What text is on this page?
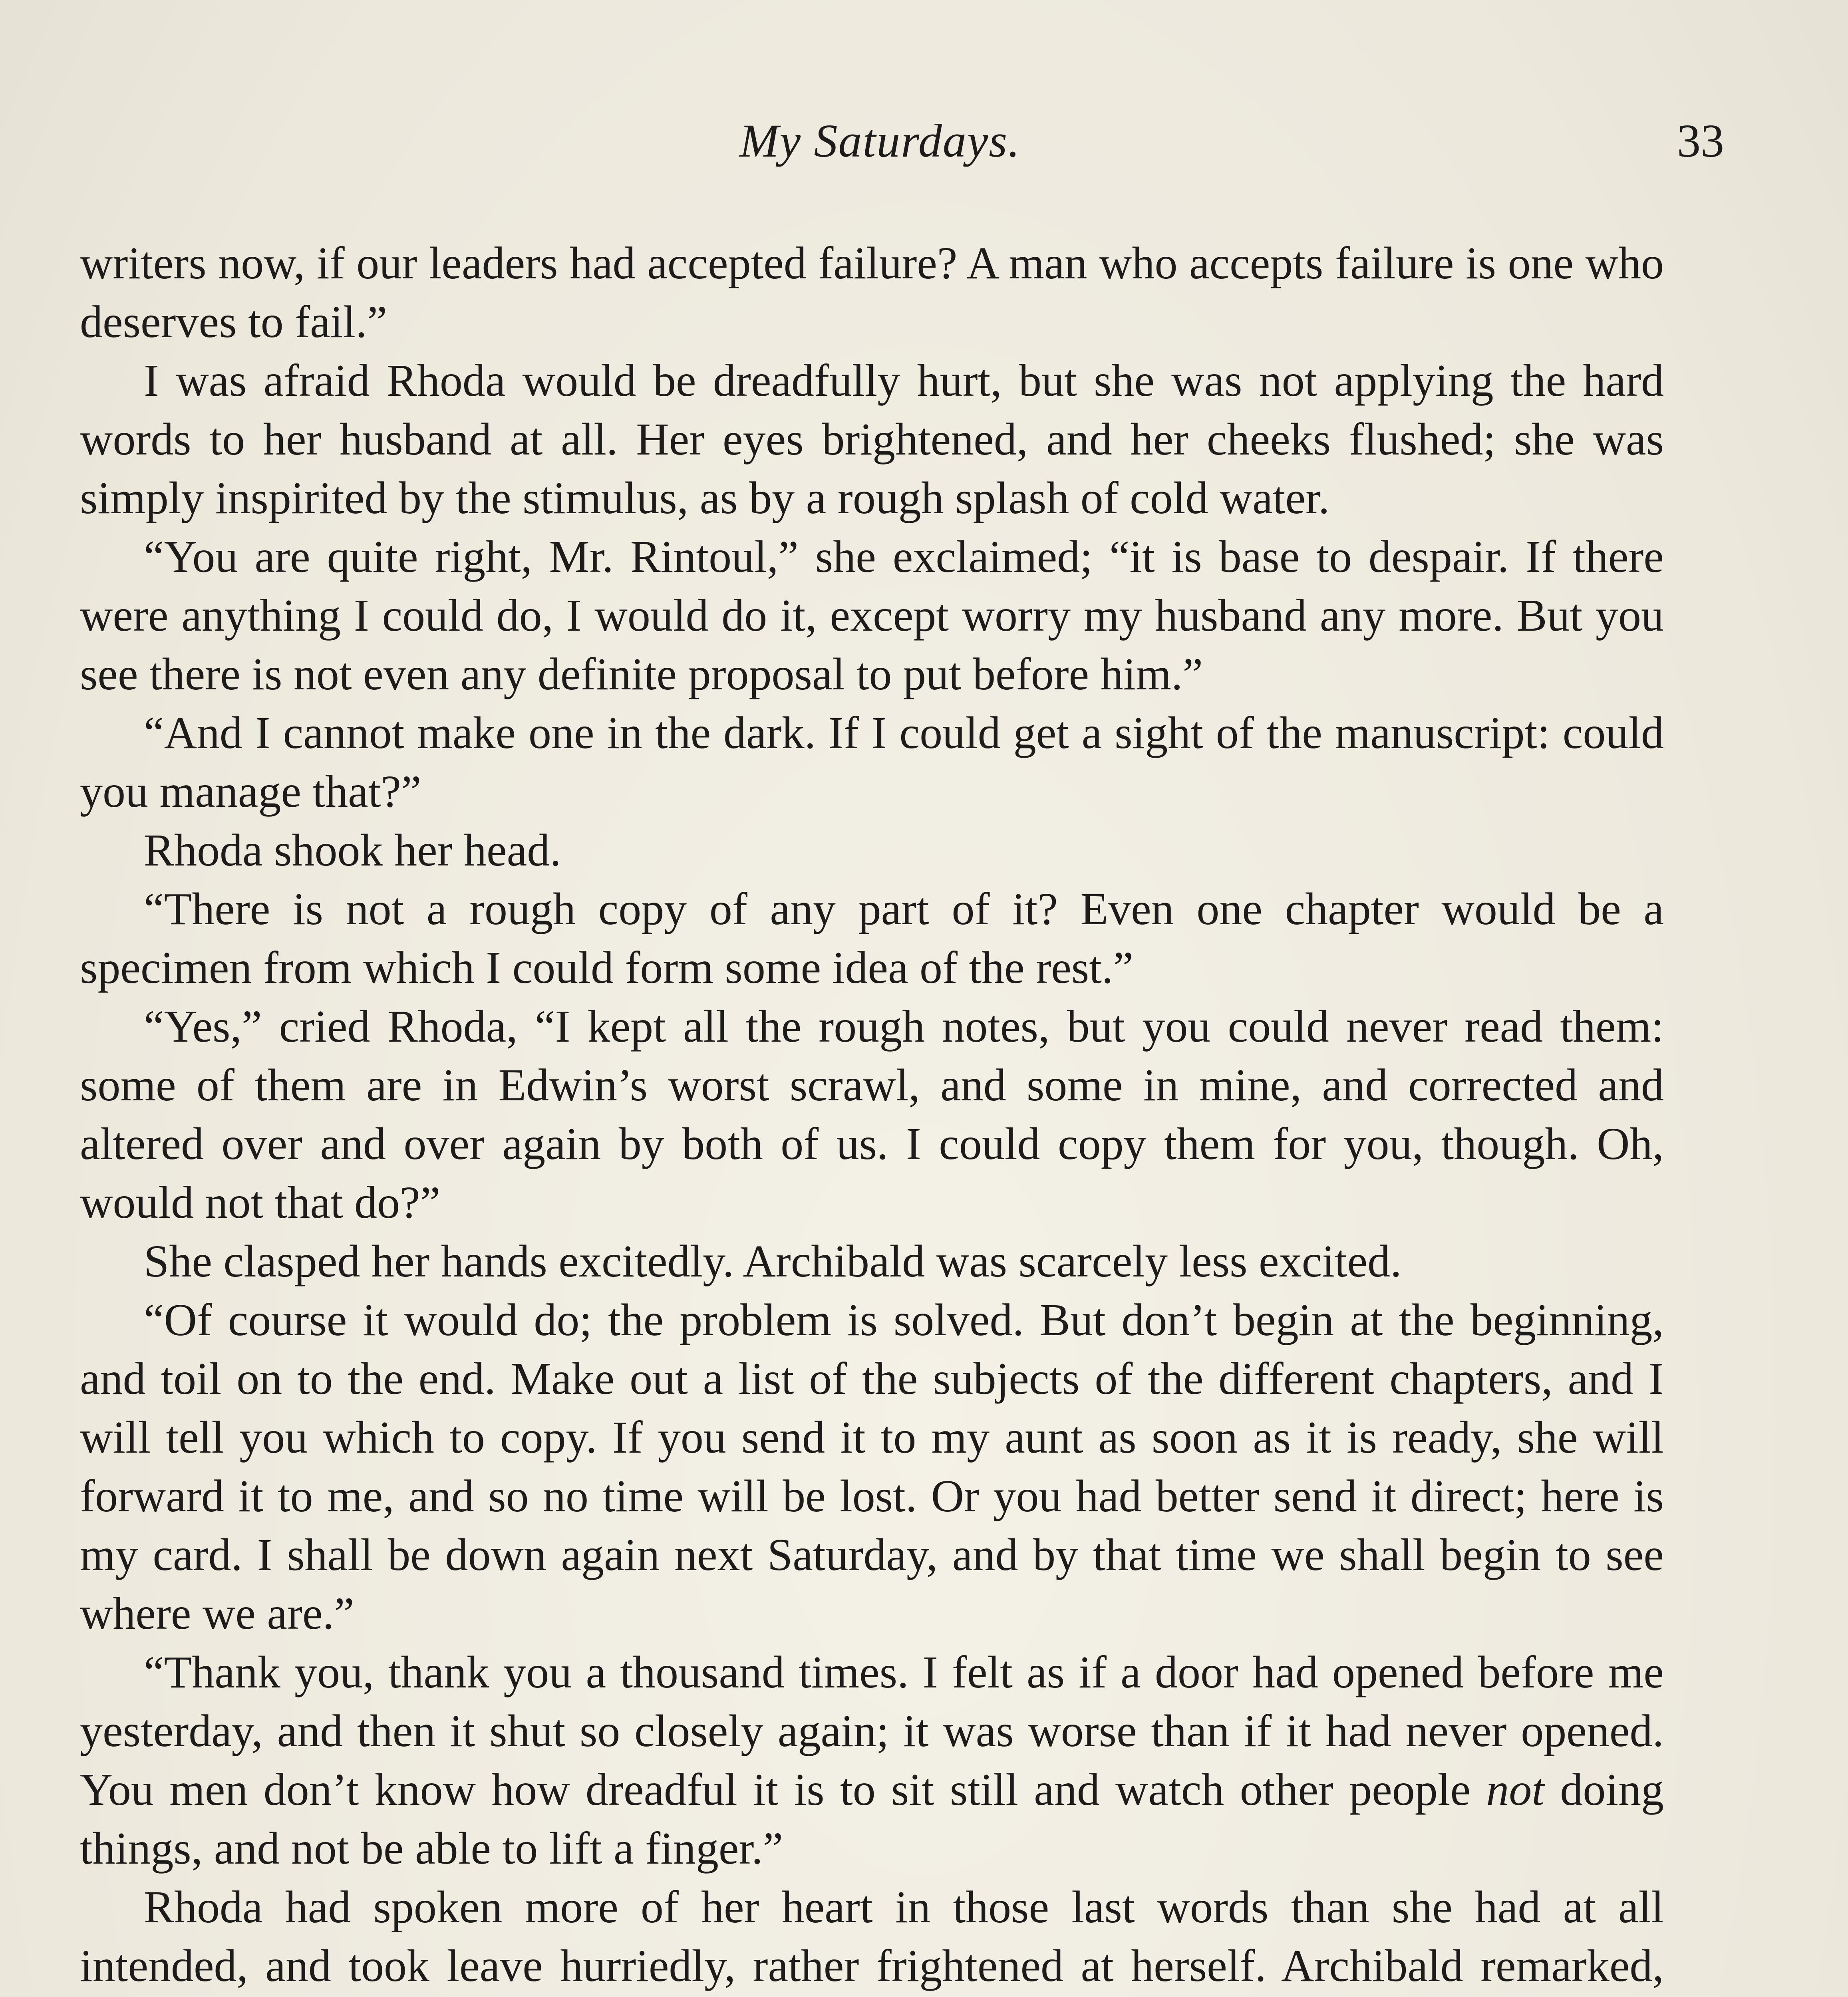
My Saturdays.	33

writers now, if our leaders had accepted failure? A man who accepts failure is one who deserves to fail.”

I was afraid Rhoda would be dreadfully hurt, but she was not applying the hard words to her husband at all. Her eyes brightened, and her cheeks flushed; she was simply inspirited by the stimulus, as by a rough splash of cold water.

“You are quite right, Mr. Rintoul,” she exclaimed; “it is base to despair. If there were anything I could do, I would do it, except worry my husband any more. But you see there is not even any definite proposal to put before him.”

“And I cannot make one in the dark. If I could get a sight of the manuscript: could you manage that?”

Rhoda shook her head.

“There is not a rough copy of any part of it? Even one chapter would be a specimen from which I could form some idea of the rest.”

“Yes,” cried Rhoda, “I kept all the rough notes, but you could never read them: some of them are in Edwin’s worst scrawl, and some in mine, and corrected and altered over and over again by both of us. I could copy them for you, though. Oh, would not that do?”

She clasped her hands excitedly. Archibald was scarcely less excited.

“Of course it would do; the problem is solved. But don’t begin at the beginning, and toil on to the end. Make out a list of the subjects of the different chapters, and I will tell you which to copy. If you send it to my aunt as soon as it is ready, she will forward it to me, and so no time will be lost. Or you had better send it direct; here is my card. I shall be down again next Saturday, and by that time we shall begin to see where we are.”

“Thank you, thank you a thousand times. I felt as if a door had opened before me yesterday, and then it shut so closely again; it was worse than if it had never opened. You men don’t know how dreadful it is to sit still and watch other people not doing things, and not be able to lift a finger.”

Rhoda had spoken more of her heart in those last words than she had at all intended, and took leave hurriedly, rather frightened at herself. Archibald remarked,
